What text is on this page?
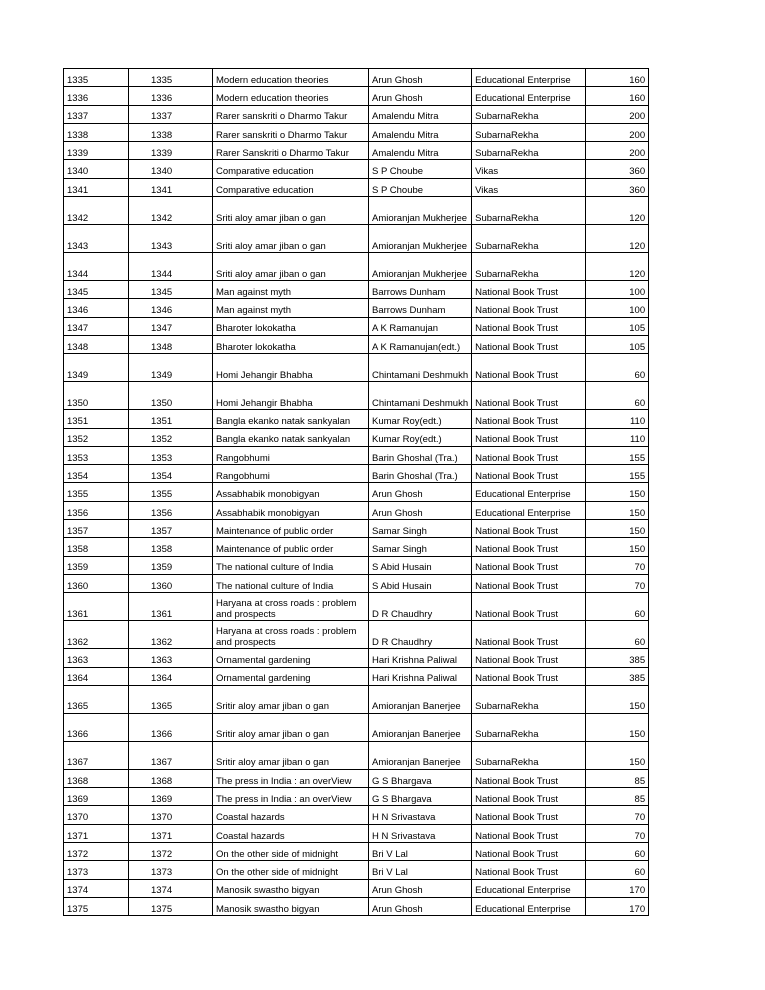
1335	1335	Modern education theories	Arun Ghosh	Educational Enterprise	160
1336	1336	Modern education theories	Arun Ghosh	Educational Enterprise	160
1337	1337	Rarer sanskriti o Dharmo Takur	Amalendu Mitra	SubarnaRekha	200
1338	1338	Rarer sanskriti o Dharmo Takur	Amalendu Mitra	SubarnaRekha	200
1339	1339	Rarer Sanskriti o Dharmo Takur	Amalendu Mitra	SubarnaRekha	200
1340	1340	Comparative education	S P Choube	Vikas	360
1341	1341	Comparative education	S P Choube	Vikas	360
1342	1342	Sriti aloy amar jiban o gan	Amioranjan Mukherjee	SubarnaRekha	120
1343	1343	Sriti aloy amar jiban o gan	Amioranjan Mukherjee	SubarnaRekha	120
1344	1344	Sriti aloy amar jiban o gan	Amioranjan Mukherjee	SubarnaRekha	120
1345	1345	Man against myth	Barrows Dunham	National Book Trust	100
1346	1346	Man against myth	Barrows Dunham	National Book Trust	100
1347	1347	Bharoter lokokatha	A K Ramanujan	National Book Trust	105
1348	1348	Bharoter lokokatha	A K Ramanujan(edt.)	National Book Trust	105
1349	1349	Homi Jehangir Bhabha	Chintamani Deshmukh	National Book Trust	60
1350	1350	Homi Jehangir Bhabha	Chintamani Deshmukh	National Book Trust	60
1351	1351	Bangla ekanko natak sankyalan	Kumar Roy(edt.)	National Book Trust	110
1352	1352	Bangla ekanko natak sankyalan	Kumar Roy(edt.)	National Book Trust	110
1353	1353	Rangobhumi	Barin Ghoshal (Tra.)	National Book Trust	155
1354	1354	Rangobhumi	Barin Ghoshal (Tra.)	National Book Trust	155
1355	1355	Assabhabik monobigyan	Arun Ghosh	Educational Enterprise	150
1356	1356	Assabhabik monobigyan	Arun Ghosh	Educational Enterprise	150
1357	1357	Maintenance of public order	Samar Singh	National Book Trust	150
1358	1358	Maintenance of public order	Samar Singh	National Book Trust	150
1359	1359	The national culture of India	S Abid Husain	National Book Trust	70
1360	1360	The national culture of India	S Abid Husain	National Book Trust	70
1361	1361	Haryana at cross roads : problem and prospects	D R Chaudhry	National Book Trust	60
1362	1362	Haryana at cross roads : problem and prospects	D R Chaudhry	National Book Trust	60
1363	1363	Ornamental gardening	Hari Krishna Paliwal	National Book Trust	385
1364	1364	Ornamental gardening	Hari Krishna Paliwal	National Book Trust	385
1365	1365	Sritir aloy amar jiban o gan	Amioranjan Banerjee	SubarnaRekha	150
1366	1366	Sritir aloy amar jiban o gan	Amioranjan Banerjee	SubarnaRekha	150
1367	1367	Sritir aloy amar jiban o gan	Amioranjan Banerjee	SubarnaRekha	150
1368	1368	The press in India : an overView	G S Bhargava	National Book Trust	85
1369	1369	The press in India : an overView	G S Bhargava	National Book Trust	85
1370	1370	Coastal hazards	H N Srivastava	National Book Trust	70
1371	1371	Coastal hazards	H N Srivastava	National Book Trust	70
1372	1372	On the other side of midnight	Bri V Lal	National Book Trust	60
1373	1373	On the other side of midnight	Bri V Lal	National Book Trust	60
1374	1374	Manosik swastho bigyan	Arun Ghosh	Educational Enterprise	170
1375	1375	Manosik swastho bigyan	Arun Ghosh	Educational Enterprise	170
